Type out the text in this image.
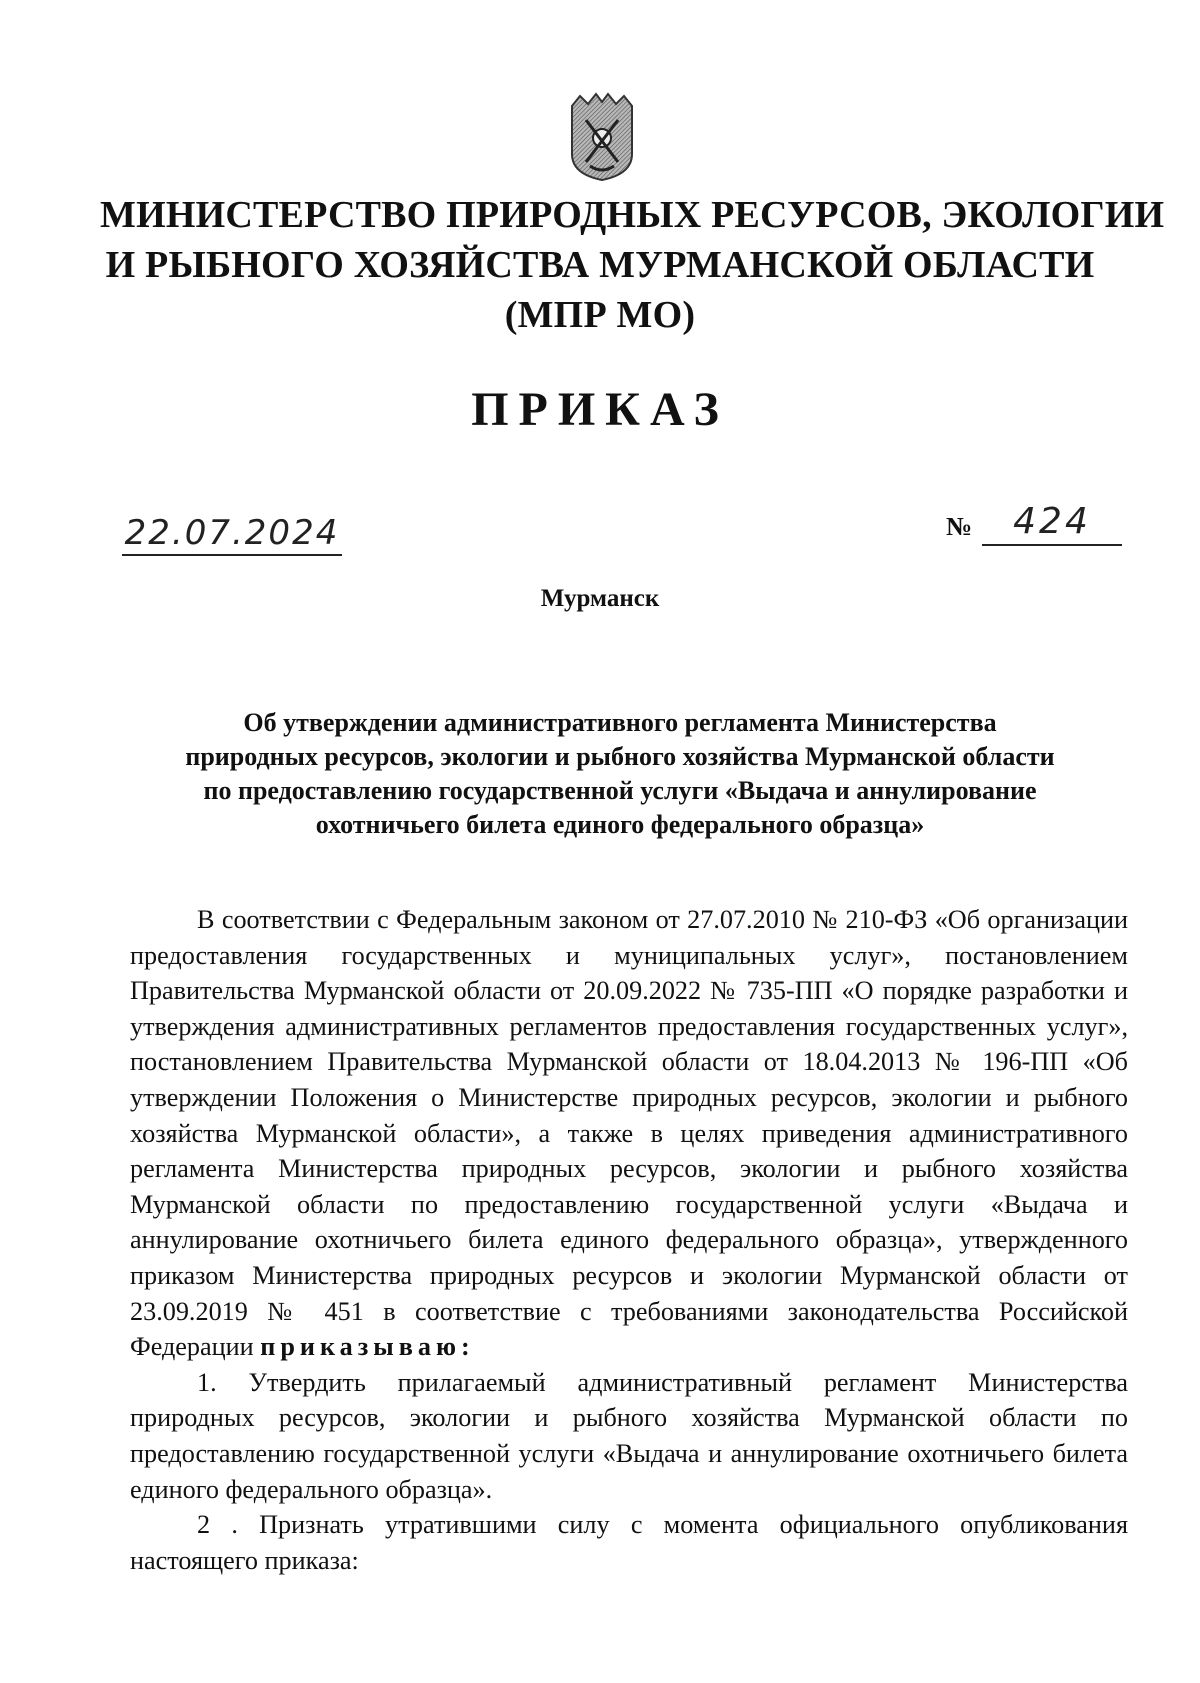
МИНИСТЕРСТВО ПРИРОДНЫХ РЕСУРСОВ, ЭКОЛОГИИ
И РЫБНОГО ХОЗЯЙСТВА МУРМАНСКОЙ ОБЛАСТИ
(МПР МО)
ПРИКАЗ
22.07.2024	№	424
Мурманск
Об утверждении административного регламента Министерства
природных ресурсов, экологии и рыбного хозяйства Мурманской области
по предоставлению государственной услуги «Выдача и аннулирование
охотничьего билета единого федерального образца»

В соответствии с Федеральным законом от 27.07.2010 № 210-ФЗ «Об организации предоставления государственных и муниципальных услуг», постановлением Правительства Мурманской области от 20.09.2022 № 735-ПП «О порядке разработки и утверждения административных регламентов предоставления государственных услуг», постановлением Правительства Мурманской области от 18.04.2013 № 196-ПП «Об утверждении Положения о Министерстве природных ресурсов, экологии и рыбного хозяйства Мурманской области», а также в целях приведения административного регламента Министерства природных ресурсов, экологии и рыбного хозяйства Мурманской области по предоставлению государственной услуги «Выдача и аннулирование охотничьего билета единого федерального образца», утвержденного приказом Министерства природных ресурсов и экологии Мурманской области от 23.09.2019 № 451 в соответствие с требованиями законодательства Российской Федерации приказываю:

1. Утвердить прилагаемый административный регламент Министерства природных ресурсов, экологии и рыбного хозяйства Мурманской области по предоставлению государственной услуги «Выдача и аннулирование охотничьего билета единого федерального образца».

2 . Признать утратившими силу с момента официального опубликования настоящего приказа:
